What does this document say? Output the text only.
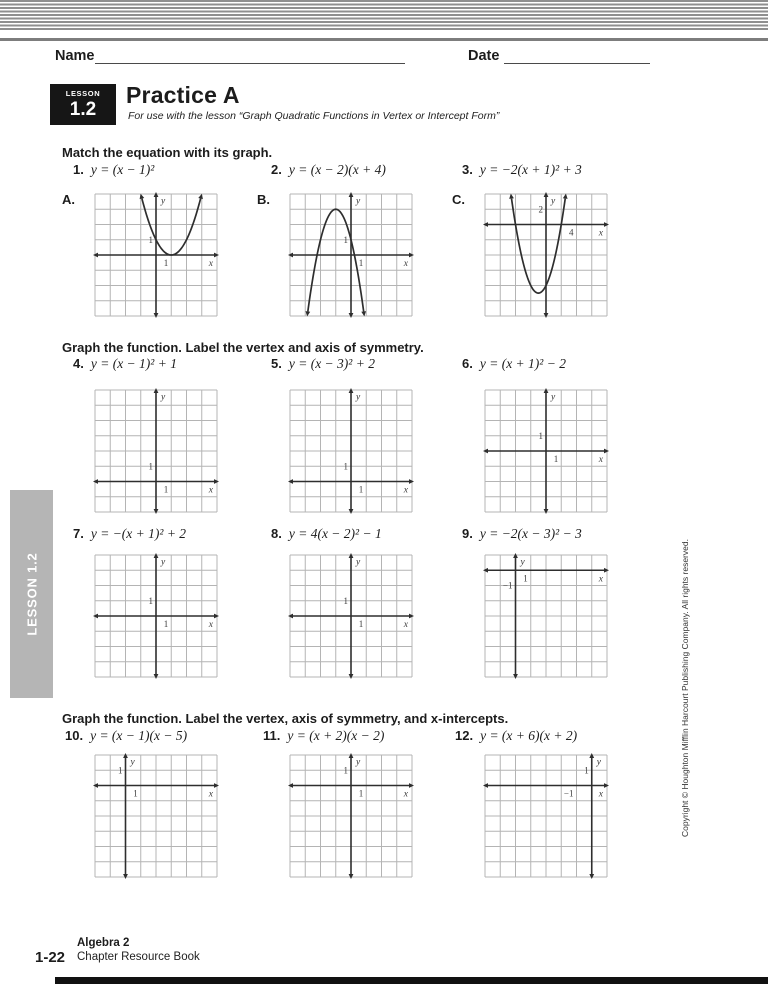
Name	Date
LESSON
1.2
Practice A
For use with the lesson “Graph Quadratic Functions in Vertex or Intercept Form”
Match the equation with its graph.
Graph the function. Label the vertex and axis of symmetry.
Graph the function. Label the vertex, axis of symmetry, and x-intercepts.
1. y = (x − 1)²
A.	y
x
1
1
2. y = (x − 2)(x + 4)
B.	y
x
1
1
3. y = −2(x + 1)² + 3
C.	y
x
2
4
4. y = (x − 1)² + 1
y
x
1
1
5. y = (x − 3)² + 2
y
x
1
1
6. y = (x + 1)² − 2
y
x
1
1
7. y = −(x + 1)² + 2
y
x
1
1
8. y = 4(x − 2)² − 1
y
x
1
1
9. y = −2(x − 3)² − 3
y
x
−1
1
10. y = (x − 1)(x − 5)
y
x
1
1
11. y = (x + 2)(x − 2)
y
x
1
1
12. y = (x + 6)(x + 2)
y
x
1
−1
LESSON 1.2	Copyright © Houghton Mifflin Harcourt Publishing Company. All rights reserved.
1-22
Algebra 2
Chapter Resource Book
